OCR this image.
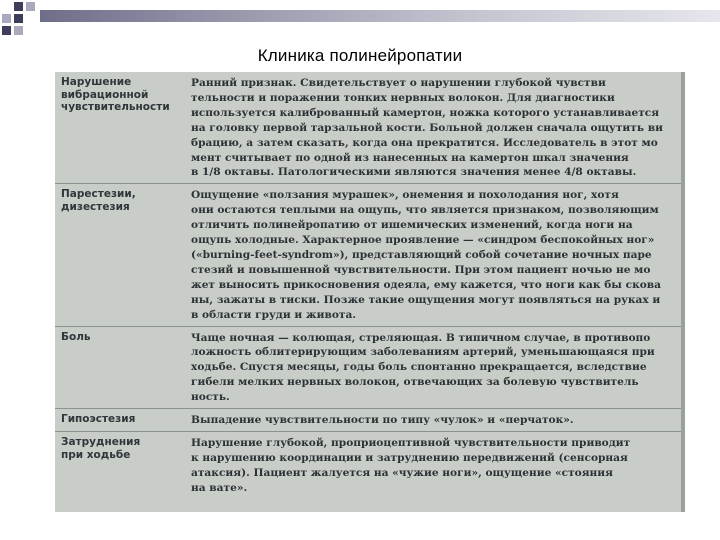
Клиника полинейропатии
Нарушение
вибрационной
чувствительности
Ранний признак. Свидетельствует о нарушении глубокой чувстви
тельности и поражении тонких нервных волокон. Для диагностики
используется калиброванный камертон, ножка которого устанавливается
на головку первой тарзальной кости. Больной должен сначала ощутить ви
брацию, а затем сказать, когда она прекратится. Исследователь в этот мо
мент считывает по одной из нанесенных на камертон шкал значения
в 1/8 октавы. Патологическими являются значения менее 4/8 октавы.
Парестезии,
дизестезия
Ощущение «ползания мурашек», онемения и похолодания ног, хотя
они остаются теплыми на ощупь, что является признаком, позволяющим
отличить полинейропатию от ишемических изменений, когда ноги на
ощупь холодные. Характерное проявление — «синдром беспокойных ног»
(«burning-feet-syndrom»), представляющий собой сочетание ночных паре
стезий и повышенной чувствительности. При этом пациент ночью не мо
жет выносить прикосновения одеяла, ему кажется, что ноги как бы скова
ны, зажаты в тиски. Позже такие ощущения могут появляться на руках и
в области груди и живота.
Боль	Чаще ночная — колющая, стреляющая. В типичном случае, в противопо
ложность облитерирующим заболеваниям артерий, уменьшающаяся при
ходьбе. Спустя месяцы, годы боль спонтанно прекращается, вследствие
гибели мелких нервных волокон, отвечающих за болевую чувствитель
ность.
Гипоэстезия	Выпадение чувствительности по типу «чулок» и «перчаток».
Затруднения
при ходьбе
Нарушение глубокой, проприоцептивной чувствительности приводит
к нарушению координации и затруднению передвижений (сенсорная
атаксия). Пациент жалуется на «чужие ноги», ощущение «стояния
на вате».
